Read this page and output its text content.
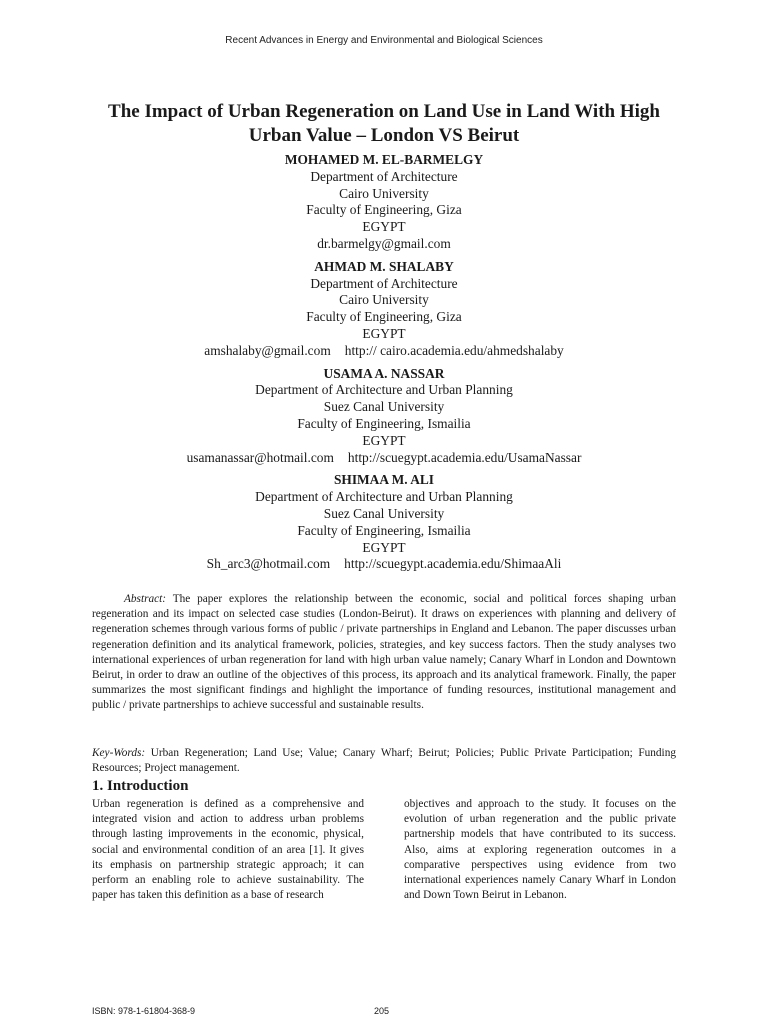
Recent Advances in Energy and Environmental and Biological Sciences
The Impact of Urban Regeneration on Land Use in Land With High Urban Value – London VS Beirut
MOHAMED M. EL-BARMELGY
Department of Architecture
Cairo University
Faculty of Engineering, Giza
EGYPT
dr.barmelgy@gmail.com
AHMAD M. SHALABY
Department of Architecture
Cairo University
Faculty of Engineering, Giza
EGYPT
amshalaby@gmail.com http:// cairo.academia.edu/ahmedshalaby
USAMA A. NASSAR
Department of Architecture and Urban Planning
Suez Canal University
Faculty of Engineering, Ismailia
EGYPT
usamanassar@hotmail.com http://scuegypt.academia.edu/UsamaNassar
SHIMAA M. ALI
Department of Architecture and Urban Planning
Suez Canal University
Faculty of Engineering, Ismailia
EGYPT
Sh_arc3@hotmail.com http://scuegypt.academia.edu/ShimaaAli

Abstract: The paper explores the relationship between the economic, social and political forces shaping urban regeneration and its impact on selected case studies (London-Beirut). It draws on experiences with planning and delivery of regeneration schemes through various forms of public / private partnerships in England and Lebanon. The paper discusses urban regeneration definition and its analytical framework, policies, strategies, and key success factors. Then the study analyses two international experiences of urban regeneration for land with high urban value namely; Canary Wharf in London and Downtown Beirut, in order to draw an outline of the objectives of this process, its approach and its analytical framework. Finally, the paper summarizes the most significant findings and highlight the importance of funding resources, institutional management and public / private partnerships to achieve successful and sustainable results.

Key-Words: Urban Regeneration; Land Use; Value; Canary Wharf; Beirut; Policies; Public Private Participation; Funding Resources; Project management.
1. Introduction
Urban regeneration is defined as a comprehensive and integrated vision and action to address urban problems through lasting improvements in the economic, physical, social and environmental condition of an area [1]. It gives its emphasis on partnership strategic approach; it can perform an enabling role to achieve sustainability. The paper has taken this definition as a base of research
objectives and approach to the study. It focuses on the evolution of urban regeneration and the public private partnership models that have contributed to its success. Also, aims at exploring regeneration outcomes in a comparative perspectives using evidence from two international experiences namely Canary Wharf in London and Down Town Beirut in Lebanon.
ISBN: 978-1-61804-368-9	205
